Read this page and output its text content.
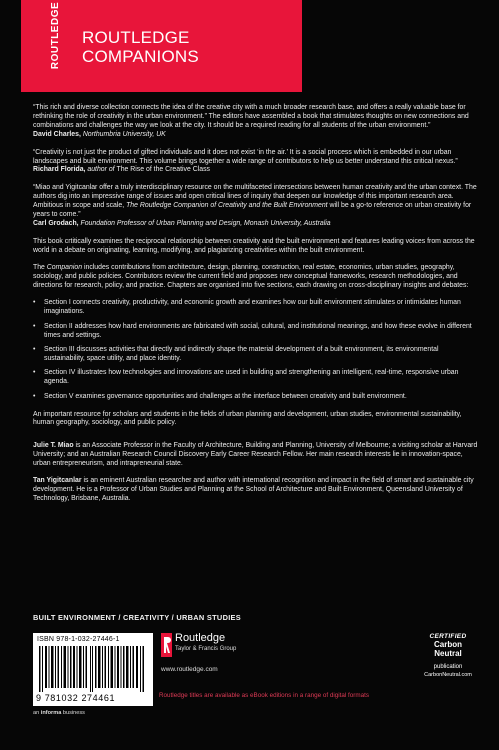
ROUTLEDGE ROUTLEDGE
COMPANIONS

“This rich and diverse collection connects the idea of the creative city with a much broader research base, and offers a really valuable base for rethinking the role of creativity in the urban environment.” The editors have assembled a book that stimulates thoughts on new connections and combinations and challenges the way we look at the city. It should be a required reading for all students of the urban environment.”

David Charles, Northumbria University, UK

“Creativity is not just the product of gifted individuals and it does not exist ‘in the air.’ It is a social process which is embedded in our urban landscapes and built environment. This volume brings together a wide range of contributors to help us better understand this critical nexus.”

Richard Florida, author of The Rise of the Creative Class

“Miao and Yigitcanlar offer a truly interdisciplinary resource on the multifaceted intersections between human creativity and the urban context. The authors dig into an impressive range of issues and open critical lines of inquiry that deepen our knowledge of this important research area. Ambitious in scope and scale, The Routledge Companion of Creativity and the Built Environment will be a go-to reference on urban creativity for years to come.”

Carl Grodach, Foundation Professor of Urban Planning and Design, Monash University, Australia

This book crtitically examines the reciprocal relationship between creativity and the built environment and features leading voices from across the world in a debate on originating, learning, modifying, and plagiarizing creativities within the built environment.

The Companion includes contributions from architecture, design, planning, construction, real estate, economics, urban studies, geography, sociology, and public policies. Contributors review the current field and proposes new conceptual frameworks, research methodologies, and directions for research, policy, and practice. Chapters are organised into five sections, each drawing on cross-disciplinary insights and debates:

• Section I connects creativity, productivity, and economic growth and examines how our built environment stimulates or intimidates human imaginations.
• Section II addresses how hard environments are fabricated with social, cultural, and institutional meanings, and how these evolve in different times and settings.
• Section III discusses activities that directly and indirectly shape the material development of a built environment, its environmental sustainability, space utility, and place identity.
• Section IV illustrates how technologies and innovations are used in building and strengthening an intelligent, real-time, responsive urban agenda.
• Section V examines governance opportunities and challenges at the interface between creativity and built environment.

An important resource for scholars and students in the fields of urban planning and development, urban studies, environmental sustainability, human geography, sociology, and public policy.

Julie T. Miao is an Associate Professor in the Faculty of Architecture, Building and Planning, University of Melbourne; a visiting scholar at Harvard University; and an Australian Research Council Discovery Early Career Research Fellow. Her main research interests lie in innovation-space, urban entrepreneurism, and intrapreneurial state.

Tan Yigitcanlar is an eminent Australian researcher and author with international recognition and impact in the field of smart and sustainable city development. He is a Professor of Urban Studies and Planning at the School of Architecture and Built Environment, Queensland University of Technology, Brisbane, Australia.

BUILT ENVIRONMENT / CREATIVITY / URBAN STUDIES
ISBN 978-1-032-27446-1
9 781032 274461
Routledge
Taylor & Francis Group
www.routledge.com
Routledge titles are available as eBook editions in a range of digital formats
an informa business
CERTIFIED
Carbon
Neutral
publication
CarbonNeutral.com
